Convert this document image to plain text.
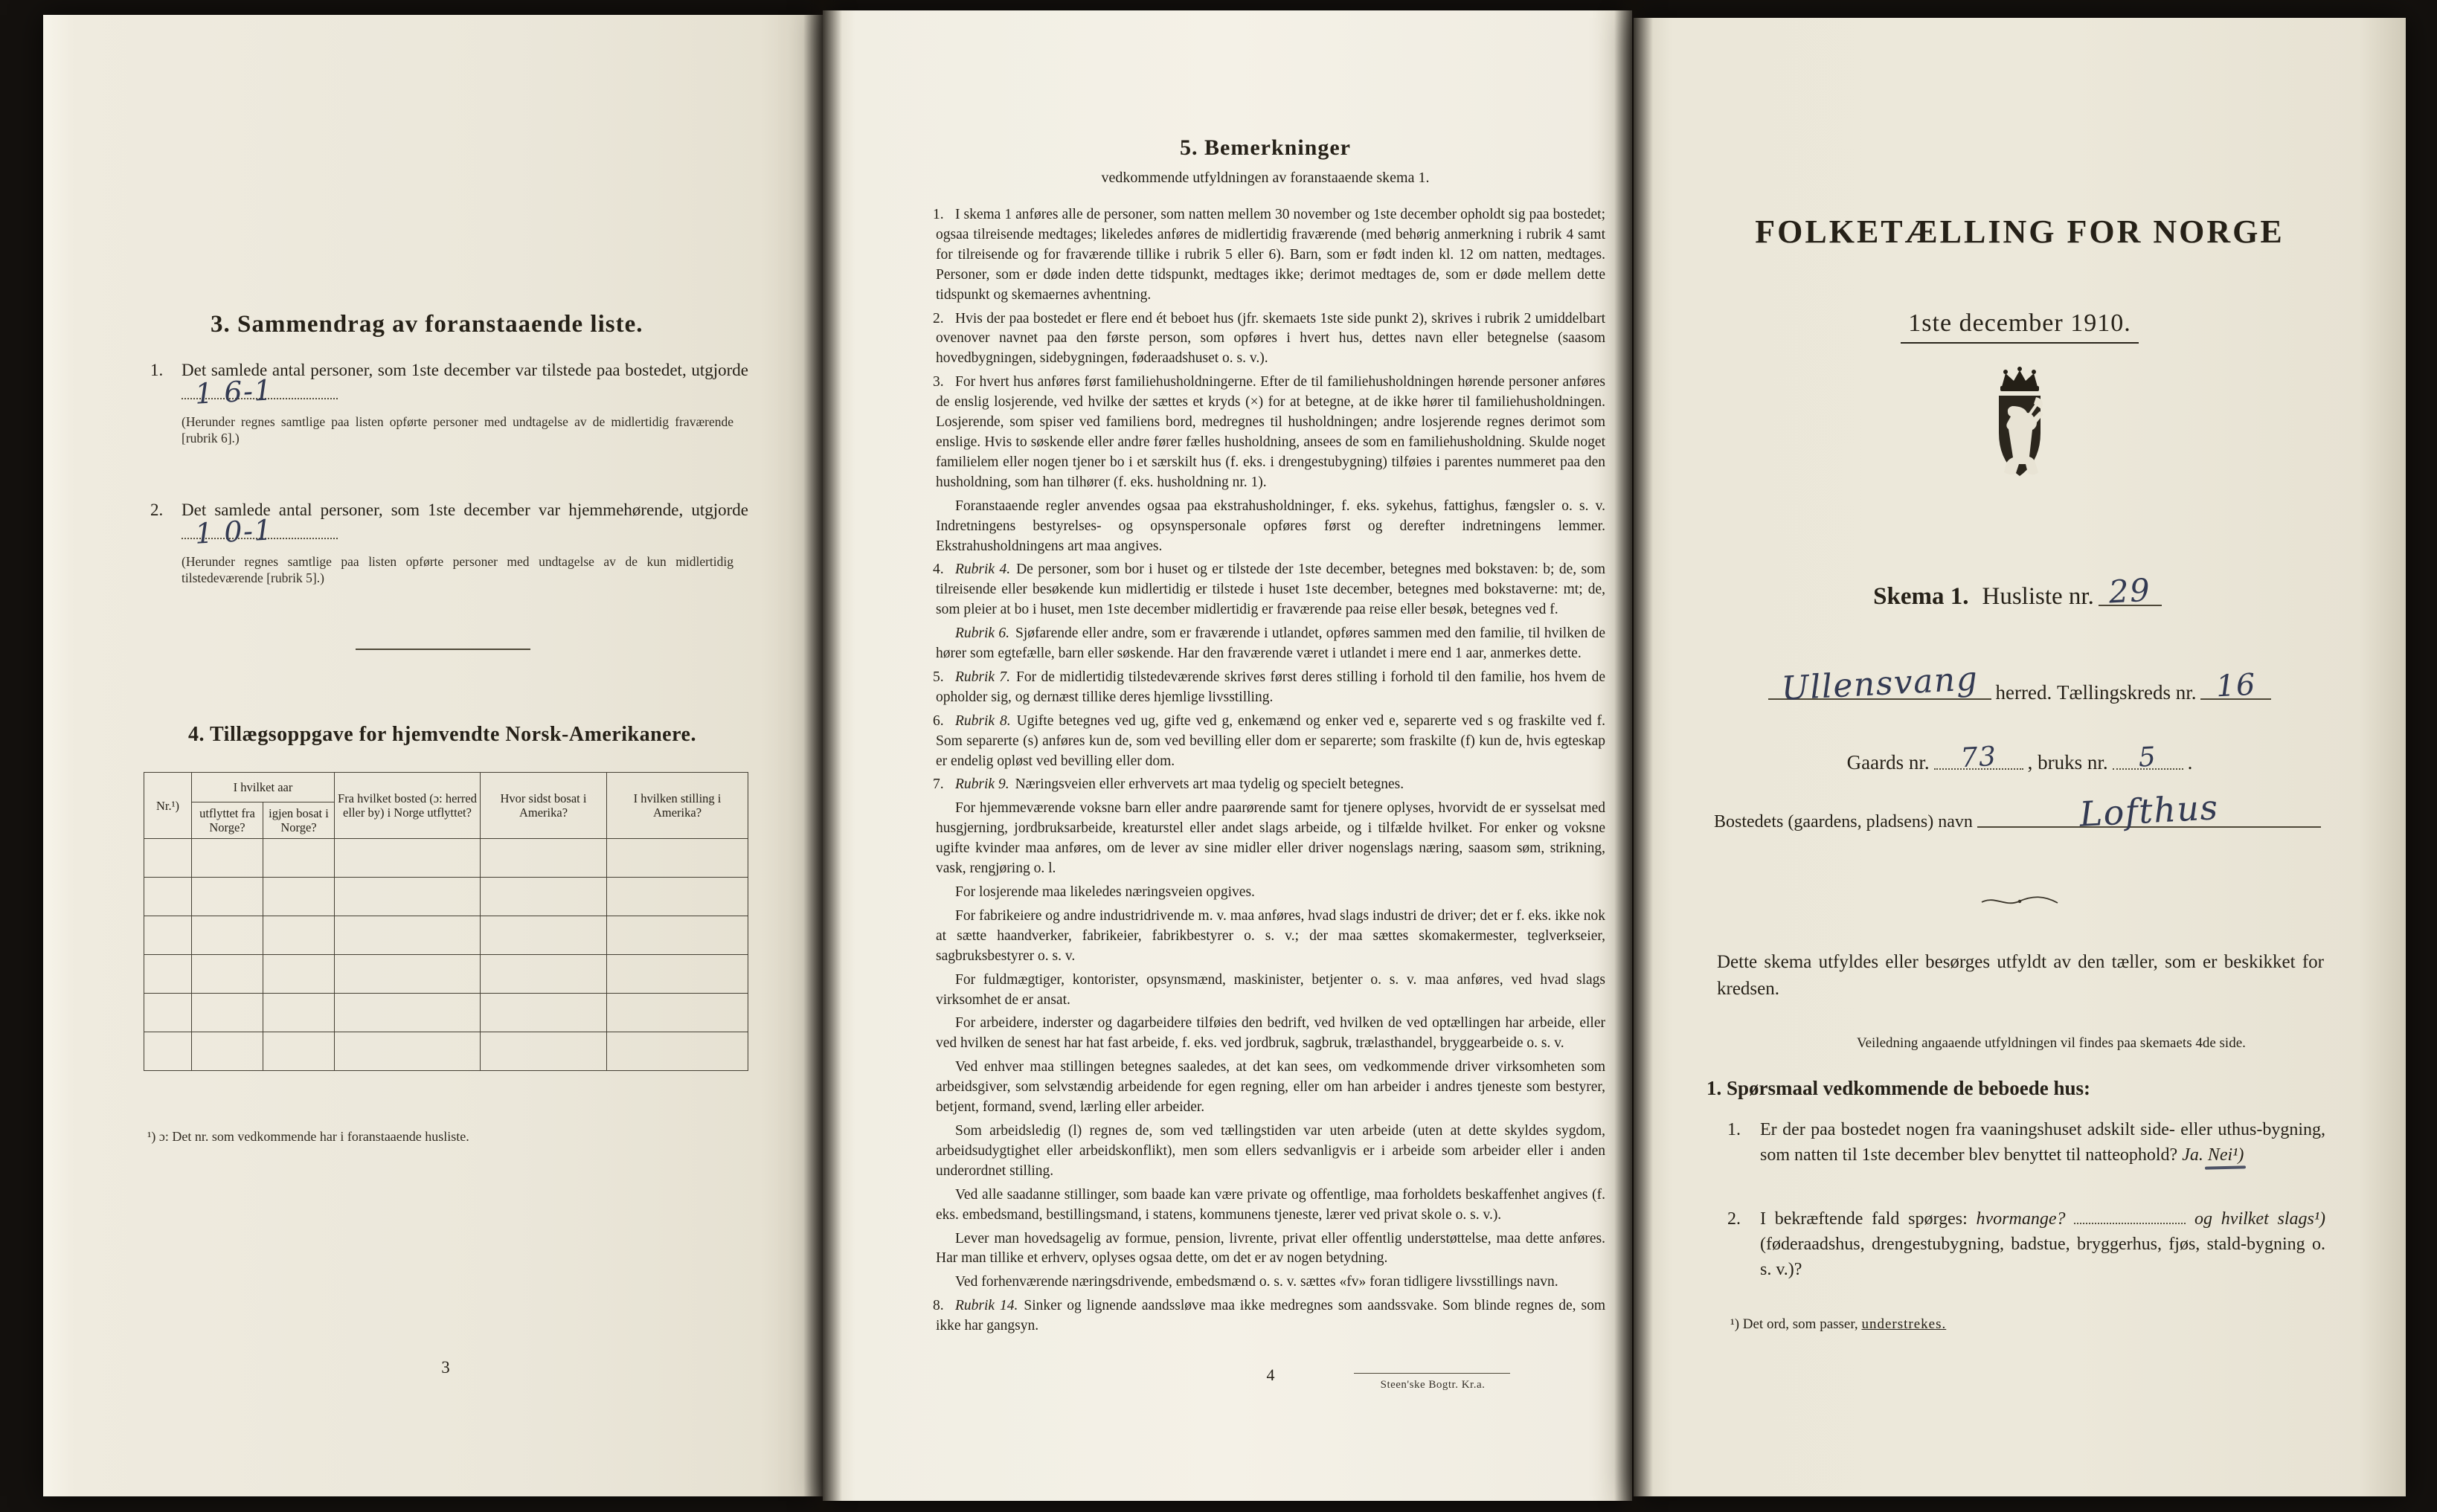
3. Sammendrag av foranstaaende liste.
1. Det samlede antal personer, som 1ste december var tilstede paa bostedet, utgjorde
1 6-1
(Herunder regnes samtlige paa listen opførte personer med undtagelse av de midlertidig fraværende [rubrik 6].)
2. Det samlede antal personer, som 1ste december var hjemmehørende, utgjorde
1 0-1
(Herunder regnes samtlige paa listen opførte personer med undtagelse av de kun midlertidig tilstedeværende [rubrik 5].)
4. Tillægsoppgave for hjemvendte Norsk-Amerikanere.
Nr.¹)	I hvilket aar		Fra hvilket bosted (ɔ: herred eller by) i Norge utflyttet?	Hvor sidst bosat i Amerika?	I hvilken stilling i Amerika?
	utflyttet fra Norge?	igjen bosat i Norge?			

¹) ɔ: Det nr. som vedkommende har i foranstaaende husliste.
3
5. Bemerkninger
vedkommende utfyldningen av foranstaaende skema 1.
1. I skema 1 anføres alle de personer, som natten mellem 30 november og 1ste december opholdt sig paa bostedet; ogsaa tilreisende medtages; likeledes anføres de midlertidig fraværende (med behørig anmerkning i rubrik 4 samt for tilreisende og for fraværende tillike i rubrik 5 eller 6). Barn, som er født inden kl. 12 om natten, medtages. Personer, som er døde inden dette tidspunkt, medtages ikke; derimot medtages de, som er døde mellem dette tidspunkt og skemaernes avhentning.
2. Hvis der paa bostedet er flere end ét beboet hus (jfr. skemaets 1ste side punkt 2), skrives i rubrik 2 umiddelbart ovenover navnet paa den første person, som opføres i hvert hus, dettes navn eller betegnelse (saasom hovedbygningen, sidebygningen, føderaadshuset o. s. v.).
3. For hvert hus anføres først familiehusholdningerne. Efter de til familiehusholdningen hørende personer anføres de enslig losjerende, ved hvilke der sættes et kryds (×) for at betegne, at de ikke hører til familiehusholdningen. Losjerende, som spiser ved familiens bord, medregnes til husholdningen; andre losjerende regnes derimot som enslige. Hvis to søskende eller andre fører fælles husholdning, ansees de som en familiehusholdning. Skulde noget familielem eller nogen tjener bo i et særskilt hus (f. eks. i drengestubygning) tilføies i parentes nummeret paa den husholdning, som han tilhører (f. eks. husholdning nr. 1).
Foranstaaende regler anvendes ogsaa paa ekstrahusholdninger, f. eks. sykehus, fattighus, fængsler o. s. v. Indretningens bestyrelses- og opsynspersonale opføres først og derefter indretningens lemmer. Ekstrahusholdningens art maa angives.
4. Rubrik 4. De personer, som bor i huset og er tilstede der 1ste december, betegnes med bokstaven: b; de, som tilreisende eller besøkende kun midlertidig er tilstede i huset 1ste december, betegnes med bokstaverne: mt; de, som pleier at bo i huset, men 1ste december midlertidig er fraværende paa reise eller besøk, betegnes ved f.
Rubrik 6. Sjøfarende eller andre, som er fraværende i utlandet, opføres sammen med den familie, til hvilken de hører som egtefælle, barn eller søskende. Har den fraværende været i utlandet i mere end 1 aar, anmerkes dette.
5. Rubrik 7. For de midlertidig tilstedeværende skrives først deres stilling i forhold til den familie, hos hvem de opholder sig, og dernæst tillike deres hjemlige livsstilling.
6. Rubrik 8. Ugifte betegnes ved ug, gifte ved g, enkemænd og enker ved e, separerte ved s og fraskilte ved f. Som separerte (s) anføres kun de, som ved bevilling eller dom er separerte; som fraskilte (f) kun de, hvis egteskap er endelig opløst ved bevilling eller dom.
7. Rubrik 9. Næringsveien eller erhvervets art maa tydelig og specielt betegnes.
For hjemmeværende voksne barn eller andre paarørende samt for tjenere oplyses, hvorvidt de er sysselsat med husgjerning, jordbruksarbeide, kreaturstel eller andet slags arbeide, og i tilfælde hvilket. For enker og voksne ugifte kvinder maa anføres, om de lever av sine midler eller driver nogenslags næring, saasom søm, strikning, vask, rengjøring o. l.
For losjerende maa likeledes næringsveien opgives.
For fabrikeiere og andre industridrivende m. v. maa anføres, hvad slags industri de driver; det er f. eks. ikke nok at sætte haandverker, fabrikeier, fabrikbestyrer o. s. v.; der maa sættes skomakermester, teglverkseier, sagbruksbestyrer o. s. v.
For fuldmægtiger, kontorister, opsynsmænd, maskinister, betjenter o. s. v. maa anføres, ved hvad slags virksomhet de er ansat.
For arbeidere, inderster og dagarbeidere tilføies den bedrift, ved hvilken de ved optællingen har arbeide, eller ved hvilken de senest har hat fast arbeide, f. eks. ved jordbruk, sagbruk, trælasthandel, bryggearbeide o. s. v.
Ved enhver maa stillingen betegnes saaledes, at det kan sees, om vedkommende driver virksomheten som arbeidsgiver, som selvstændig arbeidende for egen regning, eller om han arbeider i andres tjeneste som bestyrer, betjent, formand, svend, lærling eller arbeider.
Som arbeidsledig (l) regnes de, som ved tællingstiden var uten arbeide (uten at dette skyldes sygdom, arbeidsudygtighet eller arbeidskonflikt), men som ellers sedvanligvis er i arbeide som arbeider eller i anden underordnet stilling.
Ved alle saadanne stillinger, som baade kan være private og offentlige, maa forholdets beskaffenhet angives (f. eks. embedsmand, bestillingsmand, i statens, kommunens tjeneste, lærer ved privat skole o. s. v.).
Lever man hovedsagelig av formue, pension, livrente, privat eller offentlig understøttelse, maa dette anføres. Har man tillike et erhverv, oplyses ogsaa dette, om det er av nogen betydning.
Ved forhenværende næringsdrivende, embedsmænd o. s. v. sættes «fv» foran tidligere livsstillings navn.
8. Rubrik 14. Sinker og lignende aandssløve maa ikke medregnes som aandssvake. Som blinde regnes de, som ikke har gangsyn.
4
Steen'ske Bogtr. Kr.a.
FOLKETÆLLING FOR NORGE
1ste december 1910.
Skema 1. Husliste nr. 29
Ullensvang herred.
Tællingskreds nr. 16
Gaards nr. 73 , bruks nr. 5 .
Bostedets (gaardens, pladsens) navn	Lofthus
Dette skema utfyldes eller besørges utfyldt av den tæller, som er beskikket for kredsen.
Veiledning angaaende utfyldningen vil findes paa skemaets 4de side.
1. Spørsmaal vedkommende de beboede hus:
1. Er der paa bostedet nogen fra vaaningshuset adskilt side- eller uthus-bygning, som natten til 1ste december blev benyttet til natteophold? Ja. Nei¹)
2. I bekræftende fald spørges: hvormange?	og hvilket slags¹) (føderaadshus, drengestubygning, badstue, bryggerhus, fjøs, stald-bygning o. s. v.)?
¹) Det ord, som passer, understrekes.
